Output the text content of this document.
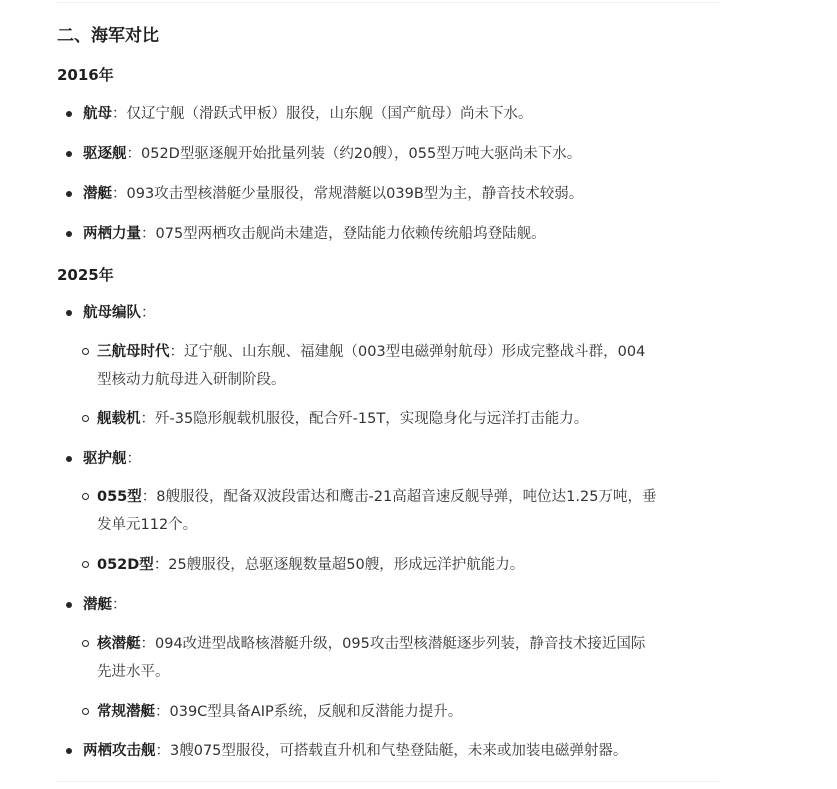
二、海军对比
2016年
航母：仅辽宁舰（滑跃式甲板）服役，山东舰（国产航母）尚未下水。
驱逐舰：052D型驱逐舰开始批量列装（约20艘），055型万吨大驱尚未下水。
潜艇：093攻击型核潜艇少量服役，常规潜艇以039B型为主，静音技术较弱。
两栖力量：075型两栖攻击舰尚未建造，登陆能力依赖传统船坞登陆舰。
2025年
航母编队：
三航母时代：辽宁舰、山东舰、福建舰（003型电磁弹射航母）形成完整战斗群，004
型核动力航母进入研制阶段。
舰载机：歼-35隐形舰载机服役，配合歼-15T，实现隐身化与远洋打击能力。
驱护舰：
055型：8艘服役，配备双波段雷达和鹰击-21高超音速反舰导弹，吨位达1.25万吨，垂
发单元112个。
052D型：25艘服役，总驱逐舰数量超50艘，形成远洋护航能力。
潜艇：
核潜艇：094改进型战略核潜艇升级，095攻击型核潜艇逐步列装，静音技术接近国际
先进水平。
常规潜艇：039C型具备AIP系统，反舰和反潜能力提升。
两栖攻击舰：3艘075型服役，可搭载直升机和气垫登陆艇，未来或加装电磁弹射器。
